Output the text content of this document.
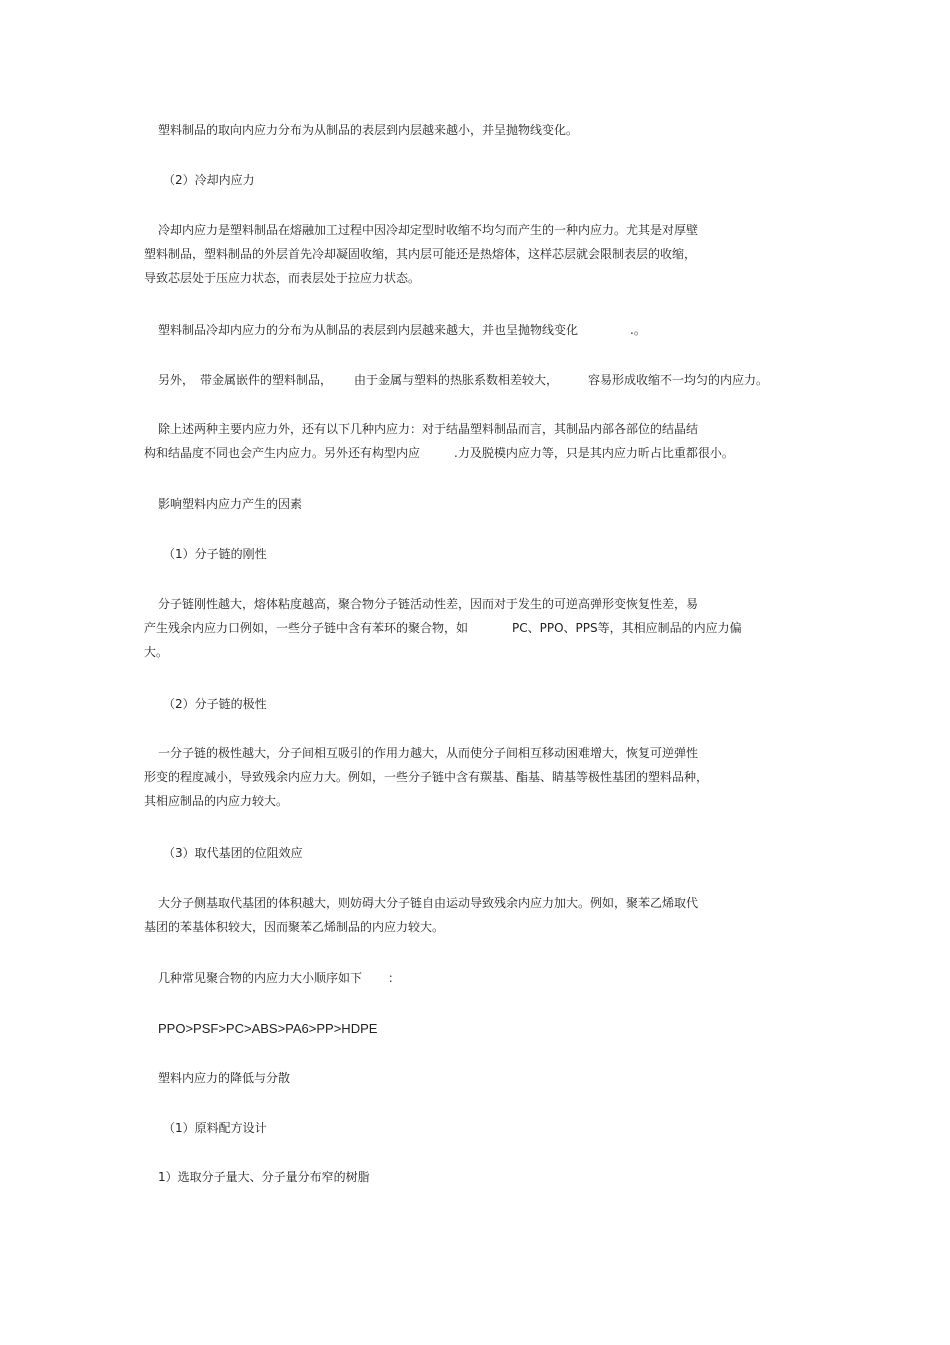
塑料制品的取向内应力分布为从制品的表层到内层越来越小，并呈抛物线变化。
（2）冷却内应力
冷却内应力是塑料制品在熔融加工过程中因冷却定型时收缩不均匀而产生的一种内应力。尤其是对厚壁
塑料制品，塑料制品的外层首先冷却凝固收缩，其内层可能还是热熔体，这样芯层就会限制表层的收缩，
导致芯层处于压应力状态，而表层处于拉应力状态。
塑料制品冷却内应力的分布为从制品的表层到内层越来越大，并也呈抛物线变化	.。
另外， 带金属嵌件的塑料制品， 由于金属与塑料的热胀系数相差较大，	容易形成收缩不一均匀的内应力。
除上述两种主要内应力外，还有以下几种内应力：对于结晶塑料制品而言，其制品内部各部位的结晶结
构和结晶度不同也会产生内应力。另外还有构型内应	.力及脱模内应力等，只是其内应力昕占比重都很小。
影响塑料内应力产生的因素
（1）分子链的刚性
分子链刚性越大，熔体粘度越高，聚合物分子链活动性差，因而对于发生的可逆高弹形变恢复性差，易
产生残余内应力口例如，一些分子链中含有苯环的聚合物，如	PC、PPO、PPS等，其相应制品的内应力偏
大。
（2）分子链的极性
一分子链的极性越大，分子间相互吸引的作用力越大，从而使分子间相互移动困难增大，恢复可逆弹性
形变的程度减小，导致残余内应力大。例如，一些分子链中含有羰基、酯基、睛基等极性基团的塑料品种，
其相应制品的内应力较大。
（3）取代基团的位阻效应
大分子侧基取代基团的体积越大，则妨碍大分子链自由运动导致残余内应力加大。例如，聚苯乙烯取代
基团的苯基体积较大，因而聚苯乙烯制品的内应力较大。
几种常见聚合物的内应力大小顺序如下 ：
PPO>PSF>PC>ABS>PA6>PP>HDPE
塑料内应力的降低与分散
（1）原料配方设计
1）选取分子量大、分子量分布窄的树脂
